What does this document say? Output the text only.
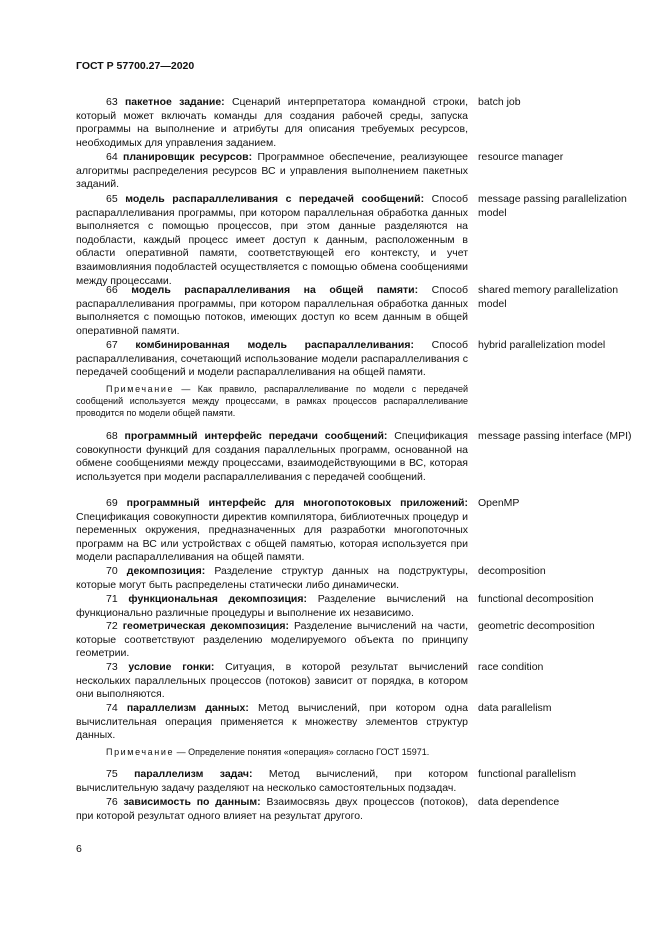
ГОСТ Р 57700.27—2020
63 пакетное задание: Сценарий интерпретатора командной строки, который может включать команды для создания рабочей среды, запуска программы на выполнение и атрибуты для описания требуемых ресурсов, необходимых для управления заданием.
batch job
64 планировщик ресурсов: Программное обеспечение, реализующее алгоритмы распределения ресурсов ВС и управления выполнением пакетных заданий.
resource manager
65 модель распараллеливания с передачей сообщений: Способ распараллеливания программы, при котором параллельная обработка данных выполняется с помощью процессов, при этом данные разделяются на подобласти, каждый процесс имеет доступ к данным, расположенным в области оперативной памяти, соответствующей его контексту, и учет взаимовлияния подобластей осуществляется с помощью обмена сообщениями между процессами.
message passing parallelization model
66 модель распараллеливания на общей памяти: Способ распараллеливания программы, при котором параллельная обработка данных выполняется с помощью потоков, имеющих доступ ко всем данным в общей оперативной памяти.
shared memory parallelization model
67 комбинированная модель распараллеливания: Способ распараллеливания, сочетающий использование модели распараллеливания с передачей сообщений и модели распараллеливания на общей памяти.
hybrid parallelization model
Примечание — Как правило, распараллеливание по модели с передачей сообщений используется между процессами, в рамках процессов распараллеливание проводится по модели общей памяти.
68 программный интерфейс передачи сообщений: Спецификация совокупности функций для создания параллельных программ, основанной на обмене сообщениями между процессами, взаимодействующими в ВС, которая используется при модели распараллеливания с передачей сообщений.
message passing interface (MPI)
69 программный интерфейс для многопотоковых приложений: Спецификация совокупности директив компилятора, библиотечных процедур и переменных окружения, предназначенных для разработки многопоточных программ на ВС или устройствах с общей памятью, которая используется при модели распараллеливания на общей памяти.
OpenMP
70 декомпозиция: Разделение структур данных на подструктуры, которые могут быть распределены статически либо динамически.
decomposition
71 функциональная декомпозиция: Разделение вычислений на функционально различные процедуры и выполнение их независимо.
functional decomposition
72 геометрическая декомпозиция: Разделение вычислений на части, которые соответствуют разделению моделируемого объекта по принципу геометрии.
geometric decomposition
73 условие гонки: Ситуация, в которой результат вычислений нескольких параллельных процессов (потоков) зависит от порядка, в котором они выполняются.
race condition
74 параллелизм данных: Метод вычислений, при котором одна вычислительная операция применяется к множеству элементов структур данных.
data parallelism
Примечание — Определение понятия «операция» согласно ГОСТ 15971.
75 параллелизм задач: Метод вычислений, при котором вычислительную задачу разделяют на несколько самостоятельных подзадач.
functional parallelism
76 зависимость по данным: Взаимосвязь двух процессов (потоков), при которой результат одного влияет на результат другого.
data dependence
6
